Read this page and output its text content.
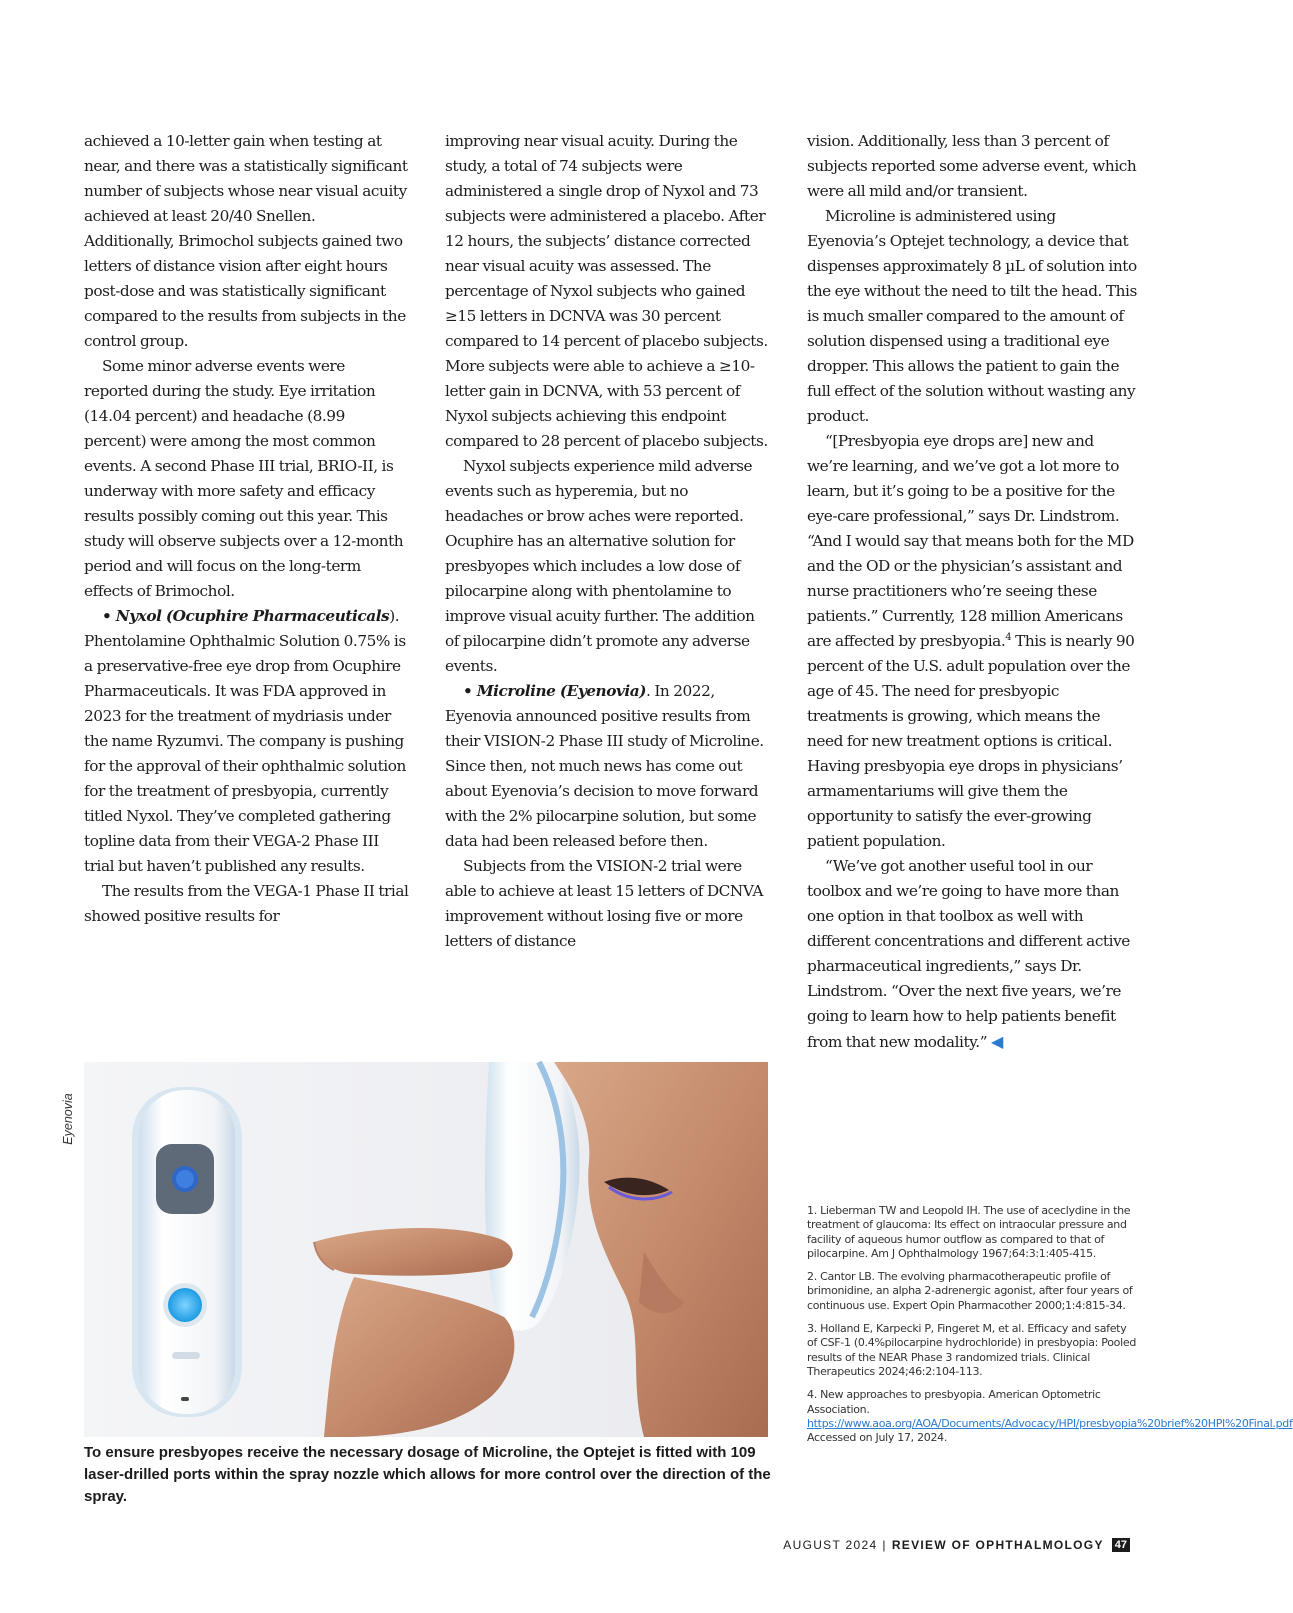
achieved a 10-letter gain when testing at near, and there was a statistically significant number of subjects whose near visual acuity achieved at least 20/40 Snellen. Additionally, Brimochol subjects gained two letters of distance vision after eight hours post-dose and was statistically significant compared to the results from subjects in the control group.

Some minor adverse events were reported during the study. Eye irritation (14.04 percent) and headache (8.99 percent) were among the most common events. A second Phase III trial, BRIO-II, is underway with more safety and efficacy results possibly coming out this year. This study will observe subjects over a 12-month period and will focus on the long-term effects of Brimochol.

• Nyxol (Ocuphire Pharmaceuticals). Phentolamine Ophthalmic Solution 0.75% is a preservative-free eye drop from Ocuphire Pharmaceuticals. It was FDA approved in 2023 for the treatment of mydriasis under the name Ryzumvi. The company is pushing for the approval of their ophthalmic solution for the treatment of presbyopia, currently titled Nyxol. They’ve completed gathering topline data from their VEGA-2 Phase III trial but haven’t published any results.

The results from the VEGA-1 Phase II trial showed positive results for

improving near visual acuity. During the study, a total of 74 subjects were administered a single drop of Nyxol and 73 subjects were administered a placebo. After 12 hours, the subjects’ distance corrected near visual acuity was assessed. The percentage of Nyxol subjects who gained ≥15 letters in DCNVA was 30 percent compared to 14 percent of placebo subjects. More subjects were able to achieve a ≥10-letter gain in DCNVA, with 53 percent of Nyxol subjects achieving this endpoint compared to 28 percent of placebo subjects.

Nyxol subjects experience mild adverse events such as hyperemia, but no headaches or brow aches were reported. Ocuphire has an alternative solution for presbyopes which includes a low dose of pilocarpine along with phentolamine to improve visual acuity further. The addition of pilocarpine didn’t promote any adverse events.

• Microline (Eyenovia). In 2022, Eyenovia announced positive results from their VISION-2 Phase III study of Microline. Since then, not much news has come out about Eyenovia’s decision to move forward with the 2% pilocarpine solution, but some data had been released before then.

Subjects from the VISION-2 trial were able to achieve at least 15 letters of DCNVA improvement without losing five or more letters of distance

vision. Additionally, less than 3 percent of subjects reported some adverse event, which were all mild and/or transient.

Microline is administered using Eyenovia’s Optejet technology, a device that dispenses approximately 8 µL of solution into the eye without the need to tilt the head. This is much smaller compared to the amount of solution dispensed using a traditional eye dropper. This allows the patient to gain the full effect of the solution without wasting any product.

“[Presbyopia eye drops are] new and we’re learning, and we’ve got a lot more to learn, but it’s going to be a positive for the eye-care professional,” says Dr. Lindstrom. “And I would say that means both for the MD and the OD or the physician’s assistant and nurse practitioners who’re seeing these patients.” Currently, 128 million Americans are affected by presbyopia.$^4$ This is nearly 90 percent of the U.S. adult population over the age of 45. The need for presbyopic treatments is growing, which means the need for new treatment options is critical. Having presbyopia eye drops in physicians’ armamentariums will give them the opportunity to satisfy the ever-growing patient population.

“We’ve got another useful tool in our toolbox and we’re going to have more than one option in that toolbox as well with different concentrations and different active pharmaceutical ingredients,” says Dr. Lindstrom. “Over the next five years, we’re going to learn how to help patients benefit from that new modality.” ◀

Eyenovia
To ensure presbyopes receive the necessary dosage of Microline, the Optejet is fitted with 109 laser-drilled ports within the spray nozzle which allows for more control over the direction of the spray.

1. Lieberman TW and Leopold IH. The use of aceclydine in the treatment of glaucoma: Its effect on intraocular pressure and facility of aqueous humor outflow as compared to that of pilocarpine. Am J Ophthalmology 1967;64:3:1:405-415.

2. Cantor LB. The evolving pharmacotherapeutic profile of brimonidine, an alpha 2-adrenergic agonist, after four years of continuous use. Expert Opin Pharmacother 2000;1:4:815-34.

3. Holland E, Karpecki P, Fingeret M, et al. Efficacy and safety of CSF-1 (0.4%pilocarpine hydrochloride) in presbyopia: Pooled results of the NEAR Phase 3 randomized trials. Clinical Therapeutics 2024;46:2:104-113.

4. New approaches to presbyopia. American Optometric Association. https://www.aoa.org/AOA/Documents/Advocacy/HPI/presbyopia%20brief%20HPI%20Final.pdf
Accessed on July 17, 2024.

AUGUST 2024 | REVIEW OF OPHTHALMOLOGY 47
